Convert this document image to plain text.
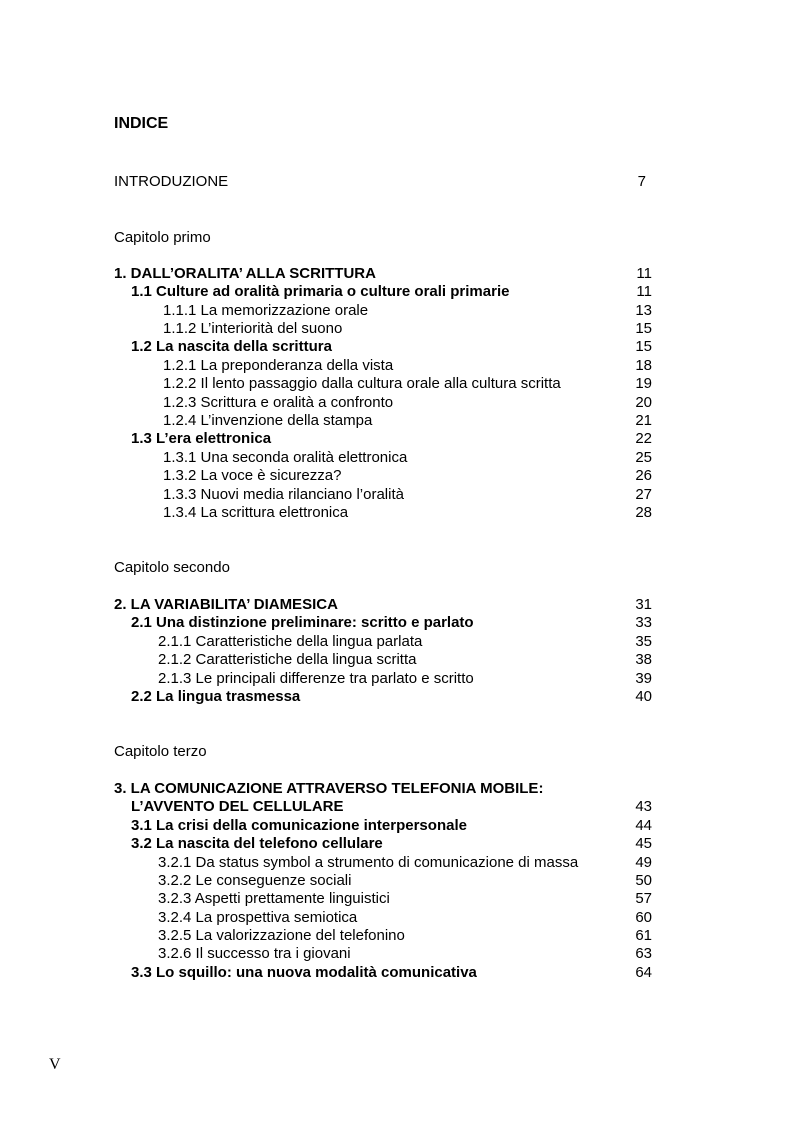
INDICE
INTRODUZIONE	7
Capitolo primo
1. DALL’ORALITA’ ALLA SCRITTURA	11
1.1 Culture ad oralità primaria o culture orali primarie	11
1.1.1 La memorizzazione orale	13
1.1.2 L’interiorità del suono	15
1.2 La nascita della scrittura	15
1.2.1 La preponderanza della vista	18
1.2.2 Il lento passaggio dalla cultura orale alla cultura scritta	19
1.2.3 Scrittura e oralità a confronto	20
1.2.4 L’invenzione della stampa	21
1.3 L’era elettronica	22
1.3.1 Una seconda oralità elettronica	25
1.3.2 La voce è sicurezza?	26
1.3.3 Nuovi media rilanciano l’oralità	27
1.3.4 La scrittura elettronica	28
Capitolo secondo
2. LA VARIABILITA’ DIAMESICA	31
2.1 Una distinzione preliminare: scritto e parlato	33
2.1.1 Caratteristiche della lingua parlata	35
2.1.2 Caratteristiche della lingua scritta	38
2.1.3 Le principali differenze tra parlato e scritto	39
2.2 La lingua trasmessa	40
Capitolo terzo
3. LA COMUNICAZIONE ATTRAVERSO TELEFONIA MOBILE:
L’AVVENTO DEL CELLULARE	43
3.1 La crisi della comunicazione interpersonale	44
3.2 La nascita del telefono cellulare	45
3.2.1 Da status symbol a strumento di comunicazione di massa	49
3.2.2 Le conseguenze sociali	50
3.2.3 Aspetti prettamente linguistici	57
3.2.4 La prospettiva semiotica	60
3.2.5 La valorizzazione del telefonino	61
3.2.6 Il successo tra i giovani	63
3.3 Lo squillo: una nuova modalità comunicativa	64
V
